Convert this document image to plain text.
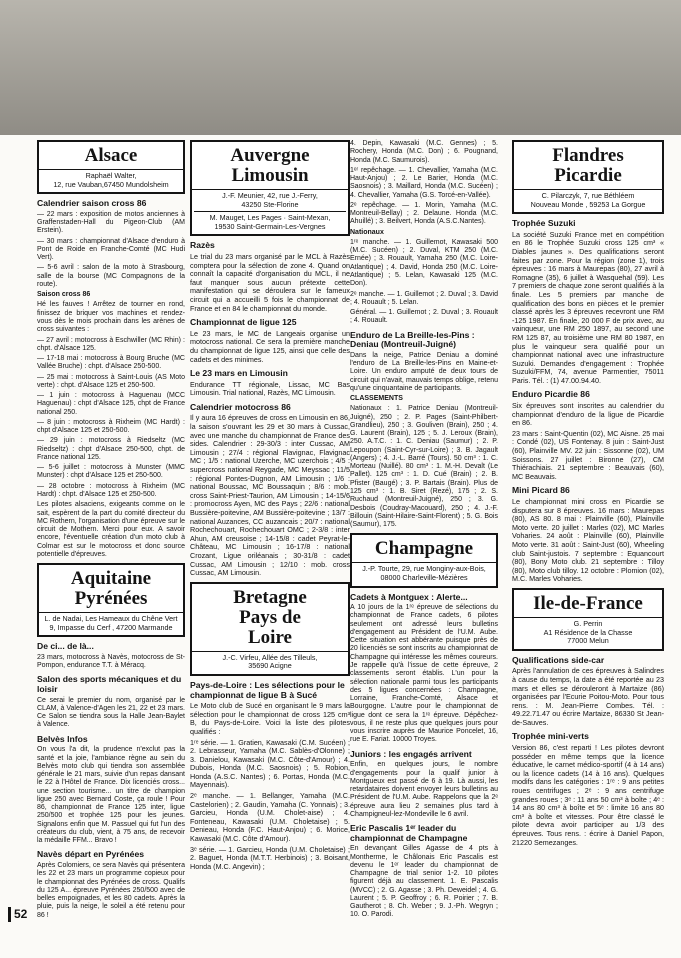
Alsace
Raphaël Walter,
12, rue Vauban,67450 Mundolsheim
Calendrier saison cross 86

— 22 mars : exposition de motos anciennes à Graffenstaden-Hall du Pigeon-Club (AM Erstein).

— 30 mars : championnat d'Alsace d'endurо à Pont de Roide en Franche-Comté (MC Hudi Vert).

— 5-6 avril : salon de la moto à Strasbourg, salle de la bourse (MC Compagnons de la route).

Saison cross 86

Hé les fauves ! Arrêtez de tourner en rond, finissez de briquer vos machines et rendez-vous dès le mois prochain dans les arènes de cross suivantes :

— 27 avril : motocross à Eschwiller (MC Rhin) : chpt. d'Alsace 125.

— 17-18 mai : motocross à Bourg Bruche (MC Vallée Bruche) : chpt. d'Alsace 250-500.

— 25 mai : motocross à Saint-Louis (AS Moto verte) : chpt. d'Alsace 125 et 250-500.

— 1 juin : motocross à Haguenau (MCC Haguenau) : chpt d'Alsace 125, chpt de France national 250.

— 8 juin : motocross à Rixheim (MC Hardt) : chpt d'Alsace 125 et 250-500.

— 29 juin : motocross à Riedseltz (MC Riedseltz) : chpt d'Alsace 250-500, chpt. de France national 125.

— 5-6 juillet : motocross à Munster (MMC Munster) : chpt d'Alsace 125 et 250-500.

— 28 octobre : motocross à Rixheim (MC Hardt) : chpt. d'Alsace 125 et 250-500.

Les pilotes alsaciens, exigeants comme on le sait, espèrent de la part du comité directeur du MC Rothern, l'organisation d'une épreuve sur le circuit de Mothern. Merci pour eux. A savoir encore, l'éventuelle création d'un moto club à Colmar est sur le motocross et donc source potentielle d'épreuves.

Aquitaine
Pyrénées
L. de Nadai, Les Hameaux du Chêne Vert
9, Impasse du Cerf , 47200 Marmande
De ci... de là...

23 mars, motocross à Navès, motocross de St-Pompon, endurance T.T. à Méracq.

Salon des sports mécaniques et du loisir

Ce serai le premier du nom, organisé par le CLAM, à Valence-d'Agen les 21, 22 et 23 mars. Ce Salon se tiendra sous la Halle Jean-Baylet à Valence.

Belvès Infos

On vous l'a dit, la prudence n'exclut pas la santé et la joie, l'ambiance règne au sein du Belvès moto club qui tiendra son assemblée générale le 21 mars, suivie d'un repas dansant le 22 à l'Hôtel de France. Dix licenciés cross... une section tourisme... un titre de champion ligue 250 avec Bernard Coste, ça roule ! Pour 86, championnat de France 125 inter, ligue 250/500 et trophée 125 pour les jeunes. Signalons enfin que M. Passuel qui fut l'un des créateurs du club, vient, à 75 ans, de recevoir la médaille FFM... Bravo !

Navès départ en Pyrénées

Après Colomiers, ce sera Navès qui présentera les 22 et 23 mars un programme copieux pour le championnat des Pyrénées de cross. Qualifs du 125 A... épreuve Pyrénées 250/500 avec de belles empoignades, et les 80 cadets. Après la pluie, puis la neige, le soleil a été retenu pour 86 !

Auvergne
Limousin
J.-F. Meunier, 42, rue J.-Ferry,
43250 Ste-Florine
M. Mauget, Les Pages · Saint-Mexan,
19530 Saint-Germain-Les-Vergnes
Razès

Le trial du 23 mars organisé par le MCL à Razès comptera pour la sélection de zone 4. Quand on connaît la capacité d'organisation du MCL, il ne faut manquer sous aucun prétexte cette manifestation qui se déroulera sur le fameux circuit qui a accueilli 5 fois le championnat de France et en 84 le championnat du monde.

Championnat de ligue 125

Le 23 mars, le MC de Langeais organise un motocross national. Ce sera la première manche du championnat de ligue 125, ainsi que celle des cadets et des minimes.

Le 23 mars en Limousin

Endurance TT régionale, Lissac, MC Bas Limousin. Trial national, Razès, MC Limousin.

Calendrier motocross 86

Il y aura 16 épreuves de cross en Limousin en 86, la saison s'ouvrant les 29 et 30 mars à Cussac, avec une manche du championnat de France des sides. Calendrier : 29-30/3 : inter Cussac, AM Limousin ; 27/4 : régional Flavignac, Flavignac MC ; 1/5 : national Uzerche, MC uzerchois ; 4/5 : supercross national Reygade, MC Meyssac ; 11/5 : régional Pontes-Dugnon, AM Limousin ; 1/6 : national Boussac, MC Boussaquin ; 8/6 : mob. cross Saint-Priest-Taurion, AM Limousin ; 14-15/6 : promocross Ayen, MC des Pays ; 22/6 : national Bussière-poitevine, AM Bussière-poitevine ; 13/7 : national Auzances, CC auzancais ; 20/7 : national Rochechouart, Rochechouart OMC ; 2-3/8 : inter Ahun, AM creusoise ; 14-15/8 : cadet Peyrat-le-Château, MC Limousin ; 16-17/8 : national Crozant, Ligue oriléanais ; 30-31/8 : cadet Cussac, AM Limousin ; 12/10 : mob. cross Cussac, AM Limousin.

Bretagne
Pays de
Loire
J.-C. Virfeu, Allée des Tilleuls,
35690 Acigne
Pays-de-Loire : Les sélections pour le championnat de ligue B à Sucé

Le Moto club de Sucé en organisant le 9 mars la sélection pour le championnat de cross 125 cm³ B, du Pays-de-Loire. Voici la liste des pilotes qualifiés :

1ʳᵉ série. — 1. Gratien, Kawasaki (C.M. Sucéen) ; 2. Lebrasseur, Yamaha (M.C. Sablès-d'Olonne) ; 3. Danielou, Kawasaki (M.C. Côte-d'Amour) ; 4. Dubois, Honda (M.C. Saosnois) ; 5. Robion, Honda (A.S.C. Nantes) ; 6. Portas, Honda (M.C. Mayennais).

2ᵉ manche. — 1. Bellanger, Yamaha (M.C. Castelorien) ; 2. Gaudin, Yamaha (C. Yonnais) ; 3. Garcieu, Honda (U.M. Cholet-aise) ; 4. Fonteneau, Kawasaki (U.M. Choletaise) ; 5. Denieau, Honda (F.C. Haut-Anjou) ; 6. Morice, Kawasaki (M.C. Côte d'Amour).

3ᵉ série. — 1. Garcieu, Honda (U.M. Choletaise) ; 2. Baguet, Honda (M.T.T. Herbinois) ; 3. Boisant, Honda (M.C. Angevin) ;

4. Depin, Kawasaki (M.C. Gennes) ; 5. Rochery, Honda (M.C. Don) ; 6. Pougnand, Honda (M.C. Saumurois).

1ᵉʳ repêchage. — 1. Chevallier, Yamaha (M.C. Haut-Anjou) ; 2. Le Barier, Honda (M.C. Saosnois) ; 3. Maillard, Honda (M.C. Sucéen) ; 4. Chevallier, Yamaha (G.S. Torcé-en-Vallée).

2ᵉ repêchage. — 1. Morin, Yamaha (M.C. Montreuil-Bellay) ; 2. Delaune. Honda (M.C. Ahuillé) ; 3. Beilvert, Honda (A.S.C.Nantes).

Nationaux

1ʳᵉ manche. — 1. Guillemot, Kawasaki 500 (M.C. Sucéen) ; 2. Duval, KTM 250 (M.C. Ernée) ; 3. Rouault, Yamaha 250 (M.C. Loire-Atlantique) ; 4. David, Honda 250 (M.C. Loire-Atlantique) ; 5. Lelan, Kawasaki 125 (M.C. Don).

2ᵉ manche. — 1. Guillemot ; 2. Duval ; 3. David ; 4. Rouault ; 5. Lelan.

Général. — 1. Guillemot ; 2. Duval ; 3. Rouault ; 4. Rouault.

Enduro de La Breille-les-Pins : Deniau (Montreuil-Juigné)

Dans la neige, Patrice Deniau a dominé l'enduro de La Breille-les-Pins en Maine-et-Loire. Un enduro amputé de deux tours de circuit qui n'avait, mauvais temps oblige, retenu qu'une cinquantaine de participants.

CLASSEMENTS

Nationaux : 1. Patrice Deniau (Montreuil-Juigné), 250 ; 2. P. Pages (Saint-Philbert-Grandlieu), 250 ; 3. Gouliven (Brain), 250 ; 4. G. Laurent (Brain), 125 ; 5. J. Leroux (Brain), 250. A.T.C. : 1. C. Deniau (Saumur) ; 2. P. Lepoupon (Saint-Cyr-sur-Loire) ; 3. B. Jagault (Angers) ; 4. J.-L. Barré (Tours). 50 cm³ : 1. C. Morteau (Nuillé). 80 cm³ : 1. M.-H. Devalt (Le Pallet). 125 cm³ : 1. D. Cué (Brain) ; 2. B. Pfister (Baugé) ; 3. P. Bartais (Brain). Plus de 125 cm³ : 1. B. Siret (Rezé), 175 ; 2. S. Ruchaud (Montreuil-Juigné), 250 ; 3. G. Desbois (Coudray-Macouard), 250 ; 4. J.-F. Billouin (Saint-Hilaire-Saint-Florent) ; 5. G. Bois (Saumur), 175.

Champagne
J.-P. Tourte, 29, rue Monginy-aux-Bois,
08000 Charleville-Mézières
Cadets à Montguex : Alerte...

A 10 jours de la 1ʳᵉ épreuve de sélections du championnat de France cadets, 6 pilotes seulement ont adressé leurs bulletins d'engagement au Président de l'U.M. Aube. Cette situation est abbérante puisque près de 20 licenciés se sont inscrits au championnat de Champagne qui intéresse les mêmes coureurs. Je rappelle qu'à l'issue de cette épreuve, 2 classements seront établis. L'un pour la sélection nationale parmi tous les participants des 5 ligues concernées : Champagne, Lorraine, Franche-Comté, Alsace et Bourgogne. L'autre pour le championnat de ligue dont ce sera la 1ʳᵉ épreuve. Dépêchez-vous, il ne reste plus que quelques jours pour vous inscrire auprès de Maurice Poncelet, 16, rue E. Fariat. 10000 Troyes.

Juniors : les engagés arrivent

Enfin, en quelques jours, le nombre d'engagements pour la qualif junior à Montgueux est passé de 6 à 19. Là aussi, les retardataires doivent envoyer leurs bulletins au Président de l'U.M. Aube. Rappelons que la 2ᵉ épreuve aura lieu 2 semaines plus tard à Champigneul-lez-Mondeville le 6 avril.

Eric Pascalis 1ᵉʳ leader du championnat de Champagne

En devançant Gilles Agasse de 4 pts à Montherme, le Châlonais Eric Pascalis est devenu le 1ᵉʳ leader du championnat de Champagne de trial senior 1-2. 10 pilotes figurent déjà au classement. 1. E. Pascalis (MVCC) ; 2. G. Agasse ; 3. Ph. Deweidel ; 4. G. Laurent ; 5. P. Geoffroy ; 6. R. Poirier ; 7. B. Gautherot ; 8. Ch. Weber ; 9. J.-Ph. Wegryn ; 10. O. Parodi.

Flandres
Picardie
C. Pilarczyk, 7, rue Béthléem
Nouveau Monde , 59253 La Gorgue
Trophée Suzuki

La société Suzuki France met en compétition en 86 le Trophée Suzuki cross 125 cm³ « Diables jaunes ». Des qualifications seront faites par zone. Pour la région (zone 1), trois épreuves : 16 mars à Maurepas (80), 27 avril à Romagne (35), 6 juillet à Wasquehal (59). Les 7 premiers de chaque zone seront qualifiés à la finale. Les 5 premiers par manche de qualification des bons en pièces et le premier classé après les 3 épreuves recevront une RM -125 1987. En finale, 20 000 F de prix avec, au vainqueur, une RM 250 1897, au second une RM 125 87, au troisième une RM 80 1987, en plus le vainqueur sera qualifié pour un championnat national avec une infrastructure Suzuki. Demandes d'engagement : Trophée Suzuki/FFM, 74, avenue Parmentier, 75011 Paris. Tél. : (1) 47.00.94.40.

Enduro Picardie 86

Six épreuves sont inscrites au calendrier du championnat d'enduro de la ligue de Picardie en 86.

23 mars : Saint-Quentin (02), MC Aisne. 25 mai : Condé (02), US Fontenay. 8 juin : Saint-Just (60), Plainville MV. 22 juin : Sissonne (02), UM Soissons. 27 juillet : Bironne (27), CM Thiérachiais. 21 septembre : Beauvais (60), MC Beauvais.

Mini Picard 86

Le championnat mini cross en Picardie se disputera sur 8 épreuves. 16 mars : Maurepas (80), AS 80. 8 mai : Plainville (60), Plainville Moto verte. 20 juillet : Marles (02), MC Marles Voharies. 24 août : Plainville (60), Plainville Moto verte. 31 août : Saint-Just (60), Wheeling club Saint-justois. 7 septembre : Equancourt (80), Bony Moto club. 21 septembre : Tilloy (80), Moto club tilloy. 12 octobre : Plomion (02), M.C. Marles Voharies.

Ile-de-France
G. Perrin
A1 Résidence de la Chasse
77000 Melun
Qualifications side-car

Après l'annulation de ces épreuves à Salindres à cause du temps, la date a été reportée au 23 mars et elles se dérouleront à Martaize (86) organisées par l'Ecurie Poitou-Moto. Pour tous rens. : M. Jean-Pierre Combes. Tél. : 49.22.71.47 ou écrire Martaize, 86330 St Jean-de-Sauves.

Trophée mini-verts

Version 86, c'est reparti ! Les pilotes devront posséder en même temps que la licence éducative, le carnet médico-sportif (4 à 14 ans) ou la licence cadets (14 à 16 ans). Quelques modifs dans les catégories : 1ʳᵉ : 9 ans petites roues centrifuges ; 2ᵉ : 9 ans centrifuge grandes roues ; 3ᵉ : 11 ans 50 cm³ à boîte ; 4ᵉ : 14 ans 80 cm³ à boîte et 5ᵉ : limite 16 ans 80 cm³ à boîte et vitesses. Pour être classé le pilote devra avoir participer au 1/3 des épreuves. Tous rens. : écrire à Daniel Papon, 21220 Semezanges.

52
